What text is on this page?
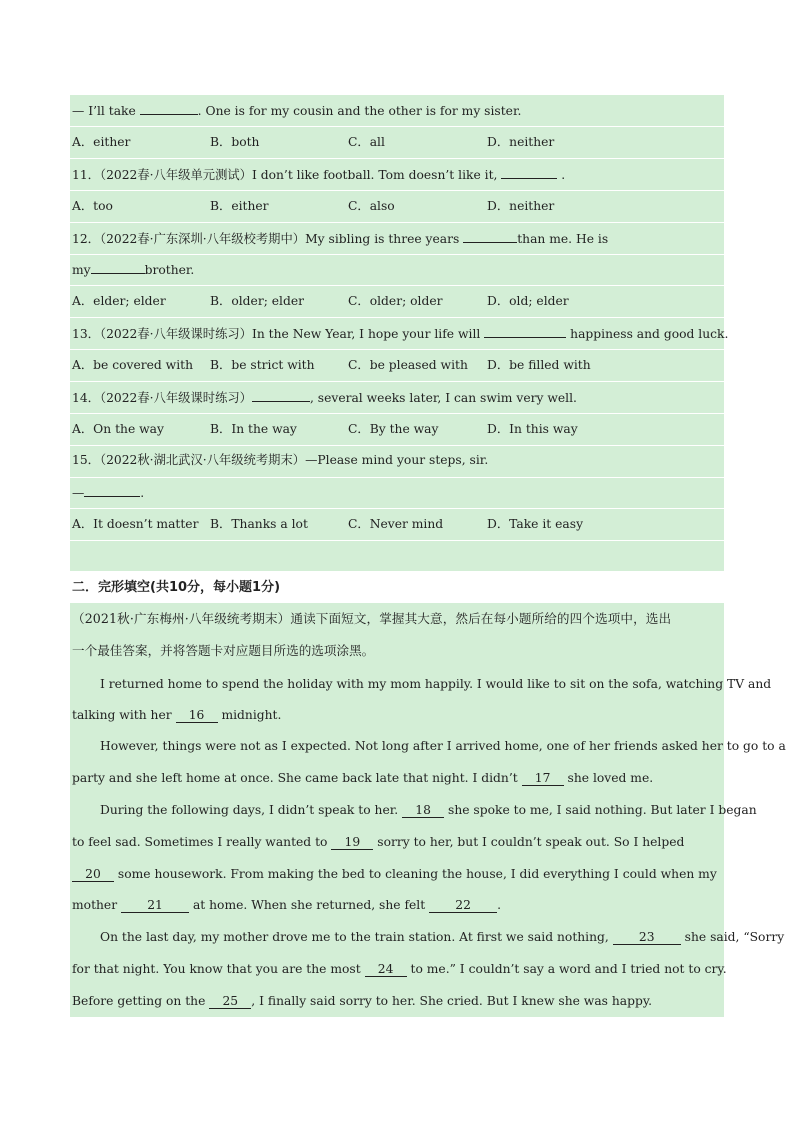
— I’ll take	. One is for my cousin and the other is for my sister.
A．either	B．both	C．all	D．neither
11．（2022春·八年级单元测试）I don’t like football. Tom doesn’t like it,	.
A．too	B．either	C．also	D．neither
12．（2022春·广东深圳·八年级校考期中）My sibling is three years	than me. He is
my	brother.
A．elder; elder	B．older; elder	C．older; older	D．old; elder
13．（2022春·八年级课时练习）In the New Year, I hope your life will	happiness and good luck.
A．be covered with B．be strict with	C．be pleased with D．be filled with
14．（2022春·八年级课时练习）	, several weeks later, I can swim very well.
A．On the way	B．In the way	C．By the way	D．In this way
15．（2022秋·湖北武汉·八年级统考期末）—Please mind your steps, sir.
—	.
A．It doesn’t matter B．Thanks a lot	C．Never mind	D．Take it easy
二．完形填空(共10分，每小题1分)
（2021秋·广东梅州·八年级统考期末）通读下面短文，掌握其大意，然后在每小题所给的四个选项中，选出
一个最佳答案，并将答题卡对应题目所选的选项涂黑。
I returned home to spend the holiday with my mom happily. I would like to sit on the sofa, watching TV and
talking with her 16 midnight.
However, things were not as I expected. Not long after I arrived home, one of her friends asked her to go to a
party and she left home at once. She came back late that night. I didn’t 17 she loved me.
During the following days, I didn’t speak to her. 18 she spoke to me, I said nothing. But later I began
to feel sad. Sometimes I really wanted to 19 sorry to her, but I couldn’t speak out. So I helped
20 some housework. From making the bed to cleaning the house, I did everything I could when my
mother 21 at home. When she returned, she felt 22 .
On the last day, my mother drove me to the train station. At first we said nothing, 23 she said, “Sorry
for that night. You know that you are the most 24 to me.” I couldn’t say a word and I tried not to cry.
Before getting on the 25 , I finally said sorry to her. She cried. But I knew she was happy.
